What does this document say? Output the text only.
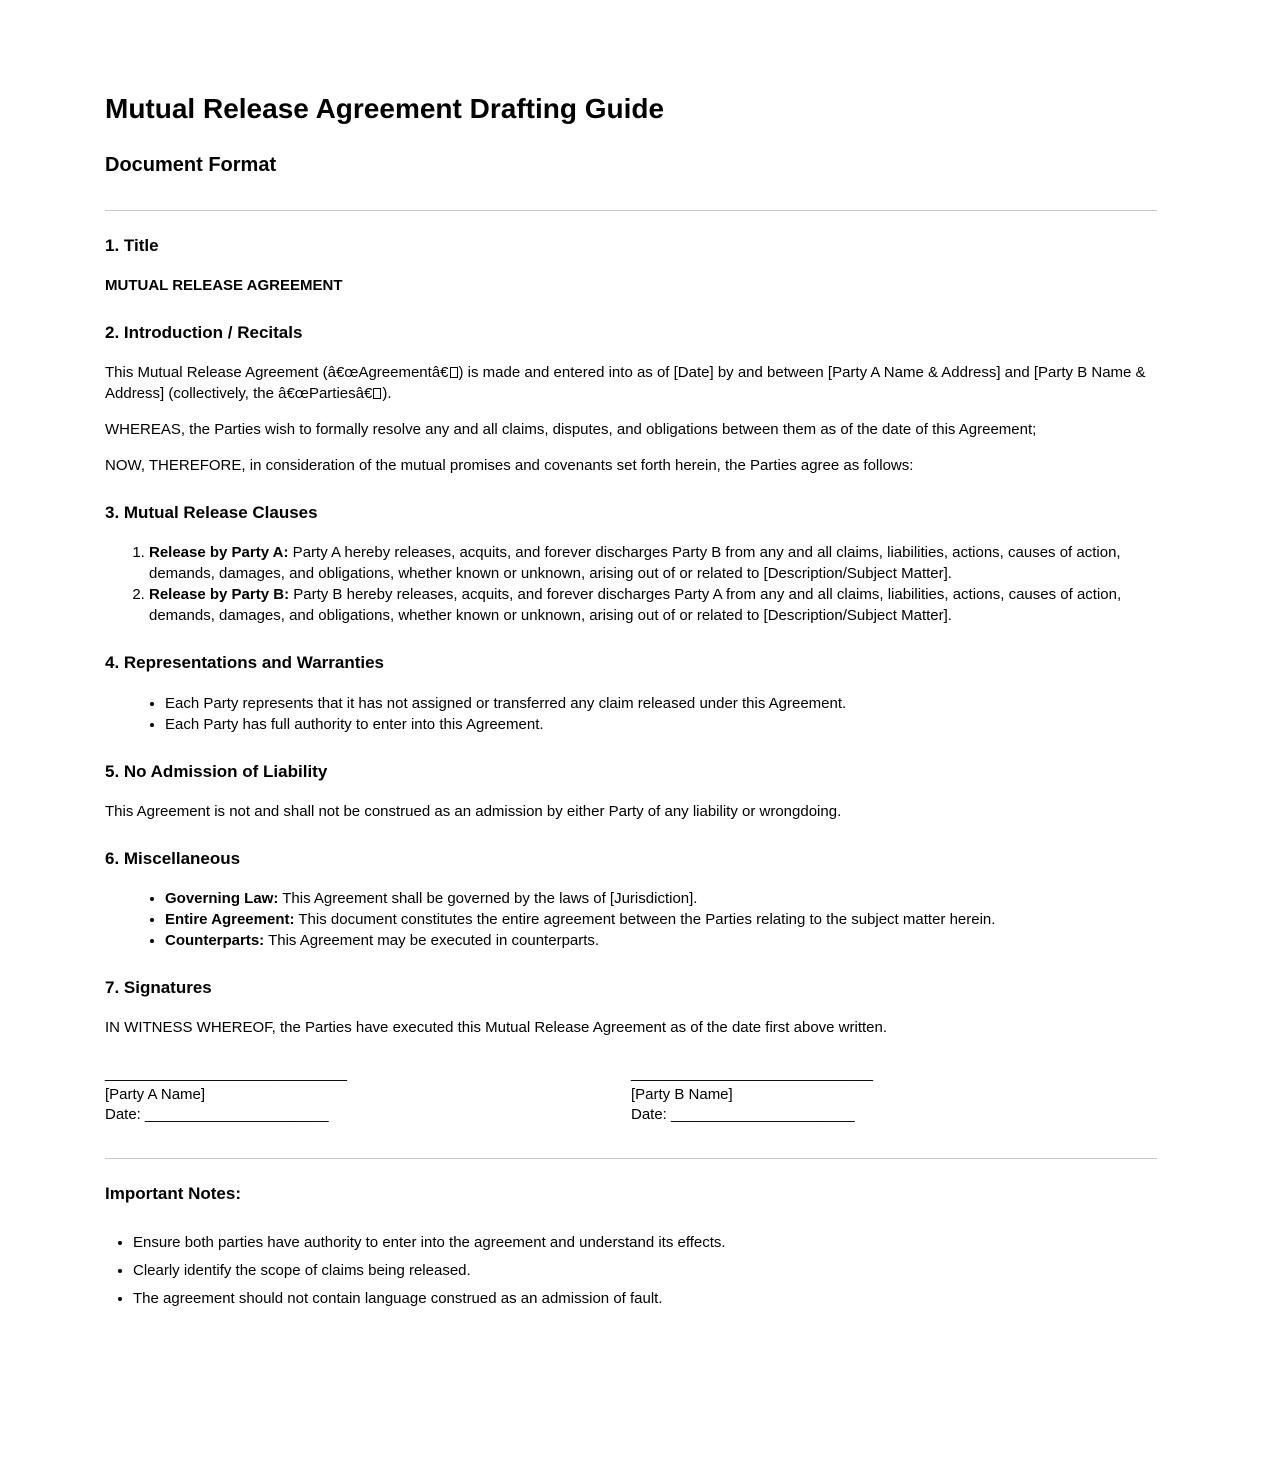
Mutual Release Agreement Drafting Guide
Document Format
1. Title

MUTUAL RELEASE AGREEMENT

2. Introduction / Recitals

This Mutual Release Agreement (â€œAgreementâ€ ) is made and entered into as of [Date] by and between [Party A Name & Address] and [Party B Name & Address] (collectively, the â€œPartiesâ€ ).

WHEREAS, the Parties wish to formally resolve any and all claims, disputes, and obligations between them as of the date of this Agreement;

NOW, THEREFORE, in consideration of the mutual promises and covenants set forth herein, the Parties agree as follows:

3. Mutual Release Clauses
1. Release by Party A: Party A hereby releases, acquits, and forever discharges Party B from any and all claims, liabilities, actions, causes of action, demands, damages, and obligations, whether known or unknown, arising out of or related to [Description/Subject Matter].
2. Release by Party B: Party B hereby releases, acquits, and forever discharges Party A from any and all claims, liabilities, actions, causes of action, demands, damages, and obligations, whether known or unknown, arising out of or related to [Description/Subject Matter].
4. Representations and Warranties
• Each Party represents that it has not assigned or transferred any claim released under this Agreement.
• Each Party has full authority to enter into this Agreement.
5. No Admission of Liability

This Agreement is not and shall not be construed as an admission by either Party of any liability or wrongdoing.

6. Miscellaneous
• Governing Law: This Agreement shall be governed by the laws of [Jurisdiction].
• Entire Agreement: This document constitutes the entire agreement between the Parties relating to the subject matter herein.
• Counterparts: This Agreement may be executed in counterparts.
7. Signatures

IN WITNESS WHEREOF, the Parties have executed this Mutual Release Agreement as of the date first above written.

_____________________________
[Party A Name]
Date: ______________________
_____________________________
[Party B Name]
Date: ______________________
Important Notes:
• Ensure both parties have authority to enter into the agreement and understand its effects.
• Clearly identify the scope of claims being released.
• The agreement should not contain language construed as an admission of fault.
